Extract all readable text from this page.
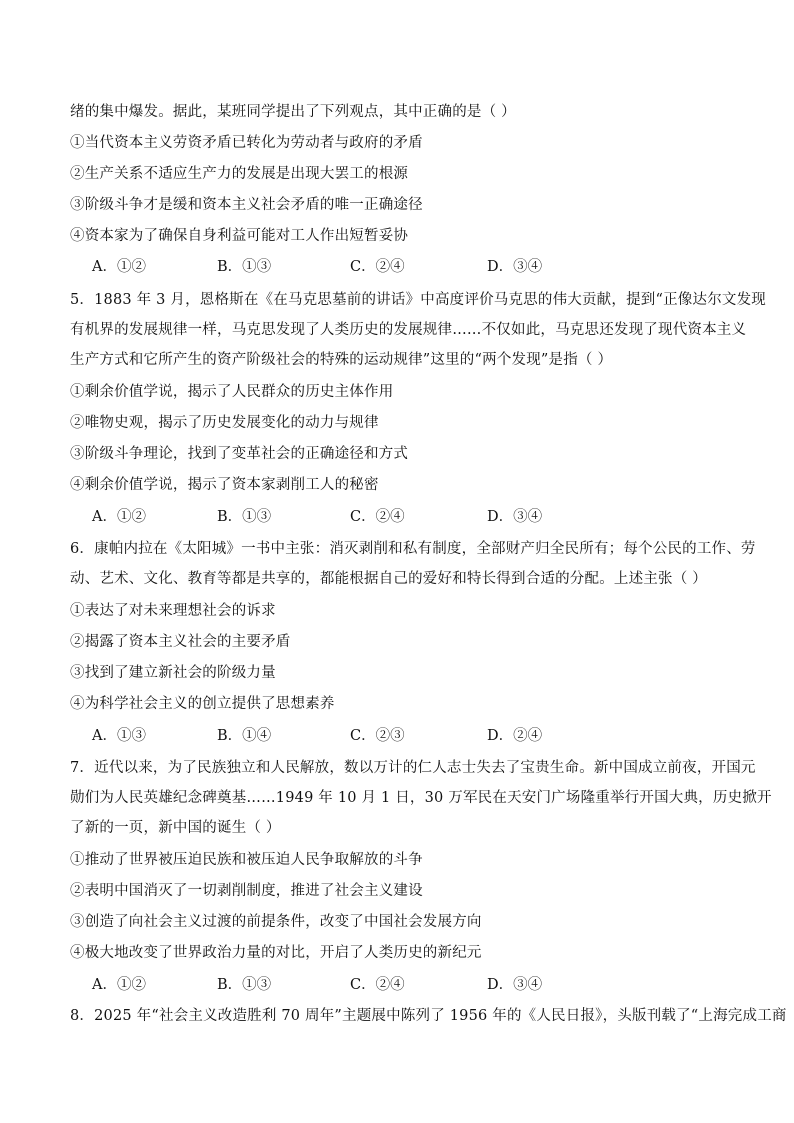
绪的集中爆发。据此，某班同学提出了下列观点，其中正确的是（ ）
①当代资本主义劳资矛盾已转化为劳动者与政府的矛盾
②生产关系不适应生产力的发展是出现大罢工的根源
③阶级斗争才是缓和资本主义社会矛盾的唯一正确途径
④资本家为了确保自身利益可能对工人作出短暂妥协
A．①②	B．①③	C．②④	D．③④
5．1883 年 3 月，恩格斯在《在马克思墓前的讲话》中高度评价马克思的伟大贡献，提到“正像达尔文发现
有机界的发展规律一样，马克思发现了人类历史的发展规律……不仅如此，马克思还发现了现代资本主义
生产方式和它所产生的资产阶级社会的特殊的运动规律”这里的“两个发现”是指（ ）
①剩余价值学说，揭示了人民群众的历史主体作用
②唯物史观，揭示了历史发展变化的动力与规律
③阶级斗争理论，找到了变革社会的正确途径和方式
④剩余价值学说，揭示了资本家剥削工人的秘密
A．①②	B．①③	C．②④	D．③④
6．康帕内拉在《太阳城》一书中主张：消灭剥削和私有制度，全部财产归全民所有；每个公民的工作、劳
动、艺术、文化、教育等都是共享的，都能根据自己的爱好和特长得到合适的分配。上述主张（ ）
①表达了对未来理想社会的诉求
②揭露了资本主义社会的主要矛盾
③找到了建立新社会的阶级力量
④为科学社会主义的创立提供了思想素养
A．①③	B．①④	C．②③	D．②④
7．近代以来，为了民族独立和人民解放，数以万计的仁人志士失去了宝贵生命。新中国成立前夜，开国元
勋们为人民英雄纪念碑奠基……1949 年 10 月 1 日，30 万军民在天安门广场隆重举行开国大典，历史掀开
了新的一页，新中国的诞生（ ）
①推动了世界被压迫民族和被压迫人民争取解放的斗争
②表明中国消灭了一切剥削制度，推进了社会主义建设
③创造了向社会主义过渡的前提条件，改变了中国社会发展方向
④极大地改变了世界政治力量的对比，开启了人类历史的新纪元
A．①②	B．①③	C．②④	D．③④
8．2025 年“社会主义改造胜利 70 周年”主题展中陈列了 1956 年的《人民日报》，头版刊载了“上海完成工商
